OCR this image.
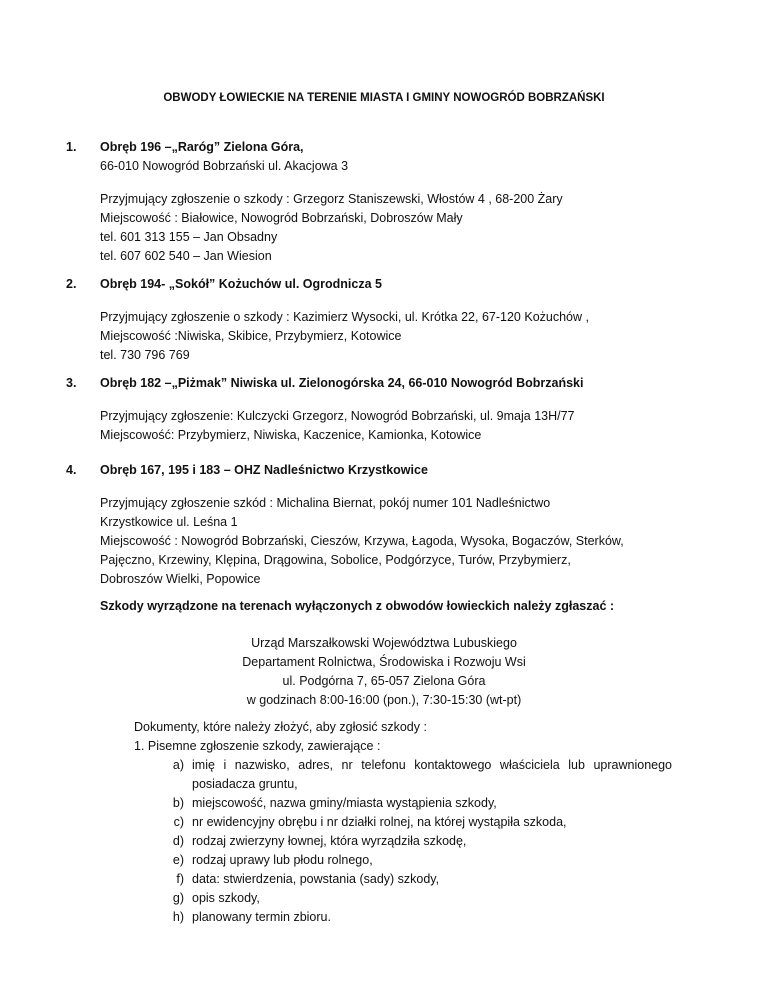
OBWODY ŁOWIECKIE NA TERENIE MIASTA I GMINY NOWOGRÓD BOBRZAŃSKI
1.	Obręb 196 –„Raróg” Zielona Góra,
66-010 Nowogród Bobrzański ul. Akacjowa 3
Przyjmujący zgłoszenie o szkody : Grzegorz Staniszewski, Włostów 4 , 68-200 Żary
Miejscowość : Białowice, Nowogród Bobrzański, Dobroszów Mały
tel. 601 313 155 – Jan Obsadny
tel. 607 602 540 – Jan Wiesion
2.	Obręb 194- „Sokół” Kożuchów ul. Ogrodnicza 5
Przyjmujący zgłoszenie o szkody : Kazimierz Wysocki, ul. Krótka 22, 67-120 Kożuchów ,
Miejscowość :Niwiska, Skibice, Przybymierz, Kotowice
tel. 730 796 769
3.	Obręb 182 –„Piżmak” Niwiska ul. Zielonogórska 24, 66-010 Nowogród Bobrzański
Przyjmujący zgłoszenie: Kulczycki Grzegorz, Nowogród Bobrzański, ul. 9maja 13H/77
Miejscowość: Przybymierz, Niwiska, Kaczenice, Kamionka, Kotowice
4.	Obręb 167, 195 i 183 – OHZ Nadleśnictwo Krzystkowice
Przyjmujący zgłoszenie szkód : Michalina Biernat, pokój numer 101 Nadleśnictwo
Krzystkowice ul. Leśna 1
Miejscowość : Nowogród Bobrzański, Cieszów, Krzywa, Łagoda, Wysoka, Bogaczów, Sterków,
Pajęczno, Krzewiny, Klępina, Drągowina, Sobolice, Podgórzyce, Turów, Przybymierz,
Dobroszów Wielki, Popowice
Szkody wyrządzone na terenach wyłączonych z obwodów łowieckich należy zgłaszać :
Urząd Marszałkowski Województwa Lubuskiego
Departament Rolnictwa, Środowiska i Rozwoju Wsi
ul. Podgórna 7, 65-057 Zielona Góra
w godzinach 8:00-16:00 (pon.), 7:30-15:30 (wt-pt)
Dokumenty, które należy złożyć, aby zgłosić szkody :
1. Pisemne zgłoszenie szkody, zawierające :
a) imię i nazwisko, adres, nr telefonu kontaktowego właściciela lub uprawnionego
posiadacza gruntu,
b) miejscowość, nazwa gminy/miasta wystąpienia szkody,
c) nr ewidencyjny obrębu i nr działki rolnej, na której wystąpiła szkoda,
d) rodzaj zwierzyny łownej, która wyrządziła szkodę,
e) rodzaj uprawy lub płodu rolnego,
f) data: stwierdzenia, powstania (sady) szkody,
g) opis szkody,
h) planowany termin zbioru.
